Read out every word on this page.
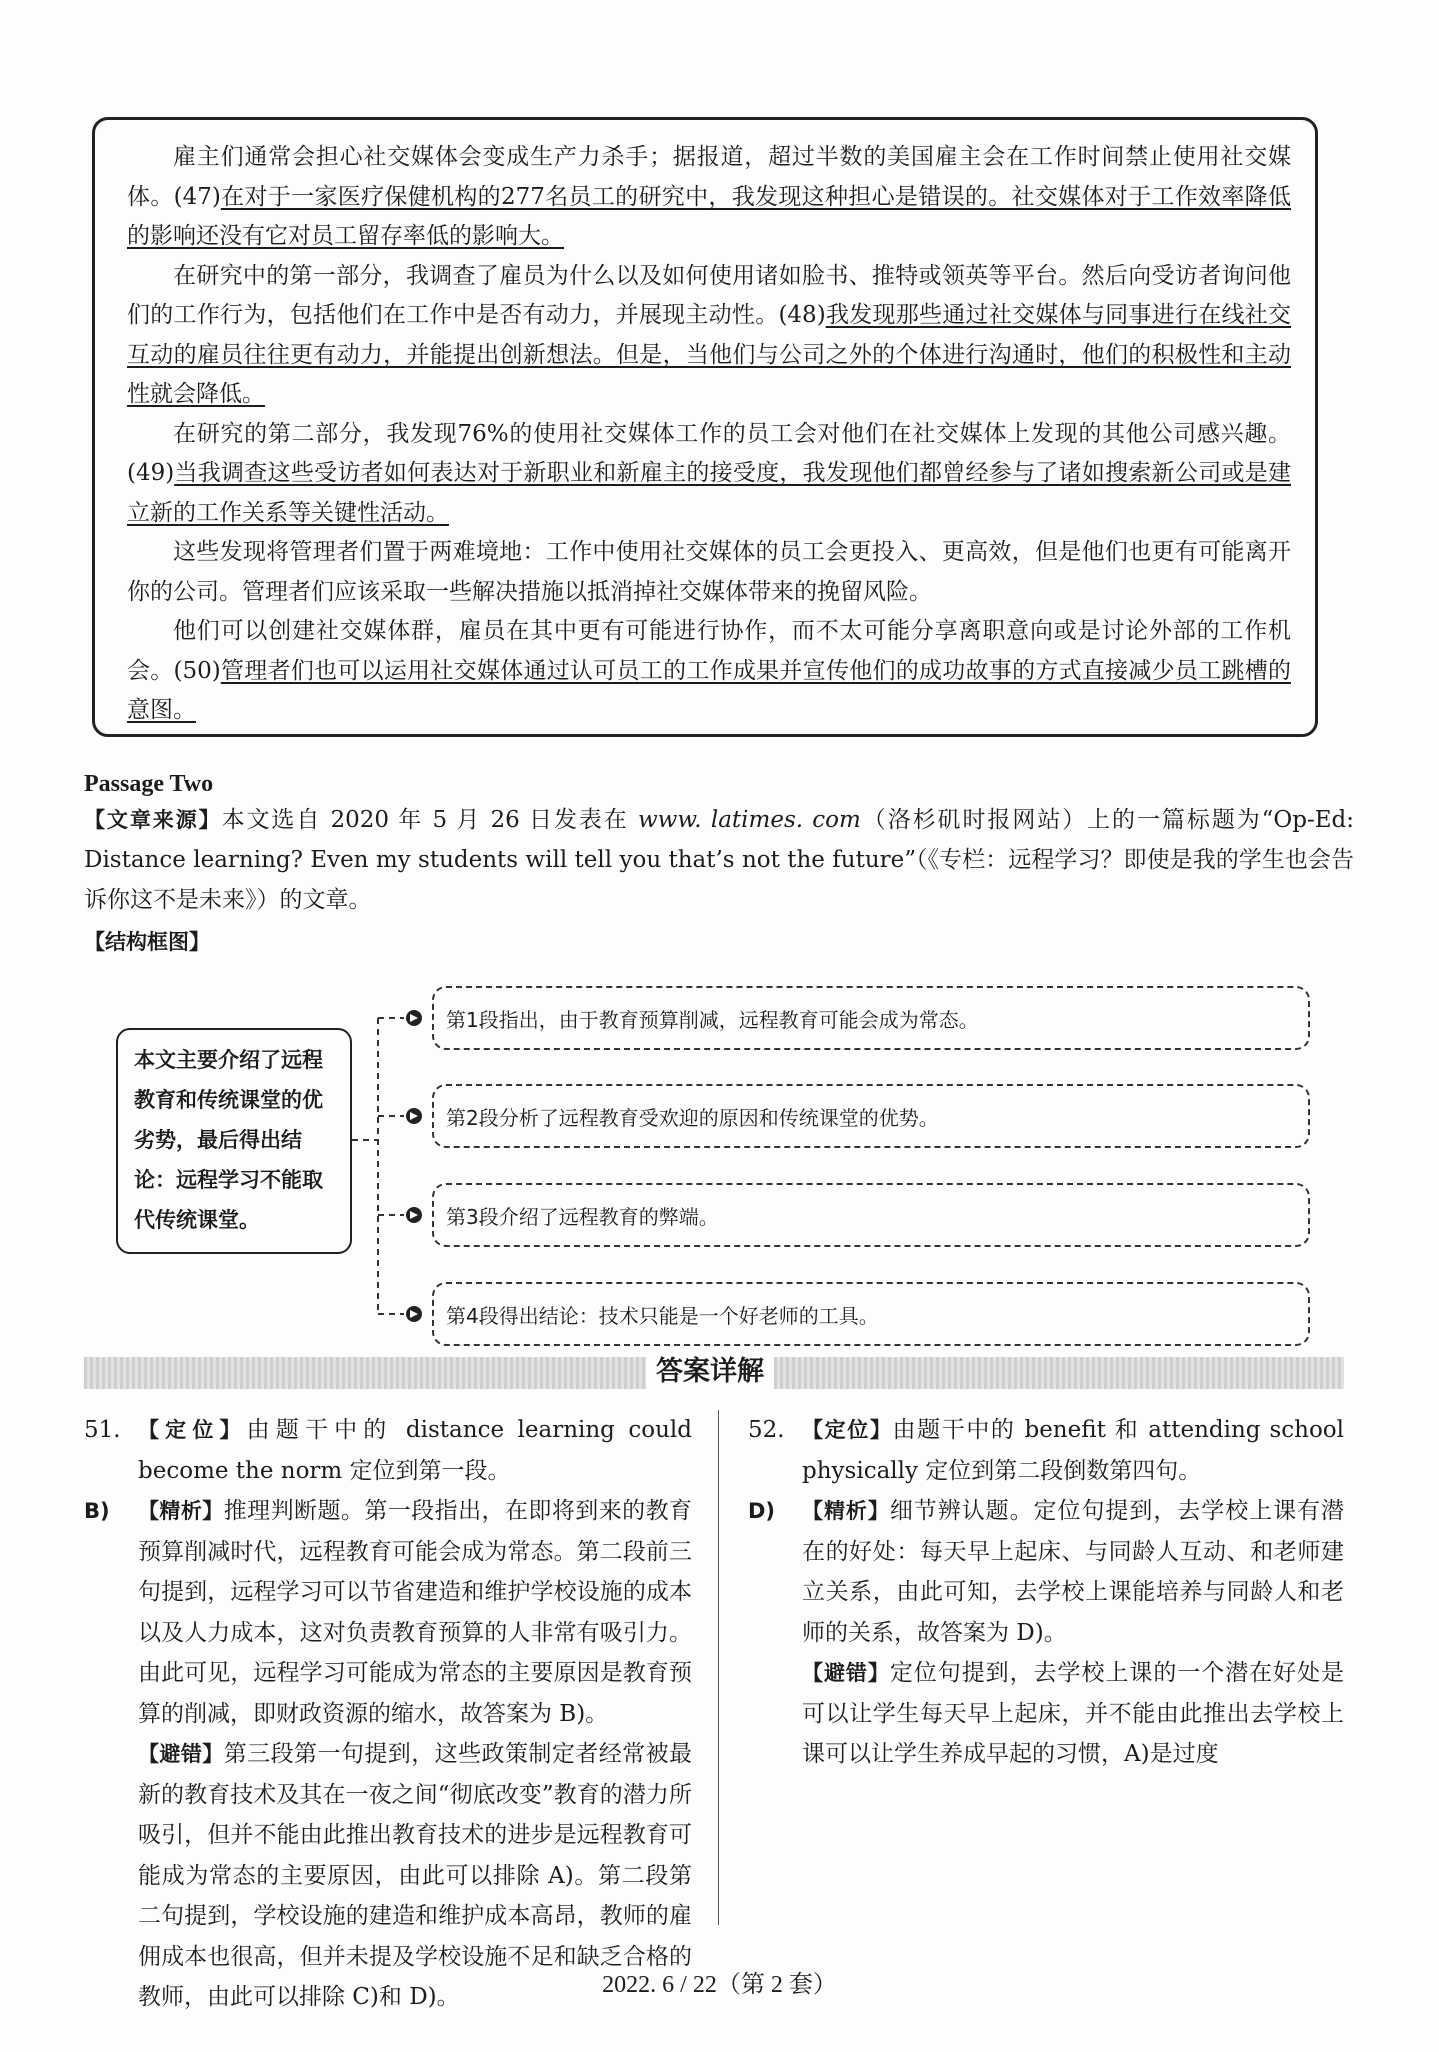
雇主们通常会担心社交媒体会变成生产力杀手；据报道，超过半数的美国雇主会在工作时间禁止使用社交媒体。(47)在对于一家医疗保健机构的277名员工的研究中，我发现这种担心是错误的。社交媒体对于工作效率降低的影响还没有它对员工留存率低的影响大。

在研究中的第一部分，我调查了雇员为什么以及如何使用诸如脸书、推特或领英等平台。然后向受访者询问他们的工作行为，包括他们在工作中是否有动力，并展现主动性。(48)我发现那些通过社交媒体与同事进行在线社交互动的雇员往往更有动力，并能提出创新想法。但是，当他们与公司之外的个体进行沟通时，他们的积极性和主动性就会降低。

在研究的第二部分，我发现76%的使用社交媒体工作的员工会对他们在社交媒体上发现的其他公司感兴趣。(49)当我调查这些受访者如何表达对于新职业和新雇主的接受度，我发现他们都曾经参与了诸如搜索新公司或是建立新的工作关系等关键性活动。

这些发现将管理者们置于两难境地：工作中使用社交媒体的员工会更投入、更高效，但是他们也更有可能离开你的公司。管理者们应该采取一些解决措施以抵消掉社交媒体带来的挽留风险。

他们可以创建社交媒体群，雇员在其中更有可能进行协作，而不太可能分享离职意向或是讨论外部的工作机会。(50)管理者们也可以运用社交媒体通过认可员工的工作成果并宣传他们的成功故事的方式直接减少员工跳槽的意图。

Passage Two
【文章来源】本文选自 2020 年 5 月 26 日发表在 www. latimes. com（洛杉矶时报网站）上的一篇标题为“Op-Ed: Distance learning? Even my students will tell you that’s not the future”（《专栏：远程学习？即使是我的学生也会告诉你这不是未来》）的文章。
【结构框图】
本文主要介绍了远程教育和传统课堂的优劣势，最后得出结论：远程学习不能取代传统课堂。
第1段指出，由于教育预算削减，远程教育可能会成为常态。
第2段分析了远程教育受欢迎的原因和传统课堂的优势。
第3段介绍了远程教育的弊端。
第4段得出结论：技术只能是一个好老师的工具。
答案详解
51. 【定位】由题干中的 distance learning could become the norm 定位到第一段。

B) 【精析】推理判断题。第一段指出，在即将到来的教育预算削减时代，远程教育可能会成为常态。第二段前三句提到，远程学习可以节省建造和维护学校设施的成本以及人力成本，这对负责教育预算的人非常有吸引力。由此可见，远程学习可能成为常态的主要原因是教育预算的削减，即财政资源的缩水，故答案为 B)。

【避错】第三段第一句提到，这些政策制定者经常被最新的教育技术及其在一夜之间“彻底改变”教育的潜力所吸引，但并不能由此推出教育技术的进步是远程教育可能成为常态的主要原因，由此可以排除 A)。第二段第二句提到，学校设施的建造和维护成本高昂，教师的雇佣成本也很高，但并未提及学校设施不足和缺乏合格的教师，由此可以排除 C)和 D)。

52. 【定位】由题干中的 benefit 和 attending school physically 定位到第二段倒数第四句。

D) 【精析】细节辨认题。定位句提到，去学校上课有潜在的好处：每天早上起床、与同龄人互动、和老师建立关系，由此可知，去学校上课能培养与同龄人和老师的关系，故答案为 D)。

【避错】定位句提到，去学校上课的一个潜在好处是可以让学生每天早上起床，并不能由此推出去学校上课可以让学生养成早起的习惯，A)是过度

2022. 6 / 22（第 2 套）
